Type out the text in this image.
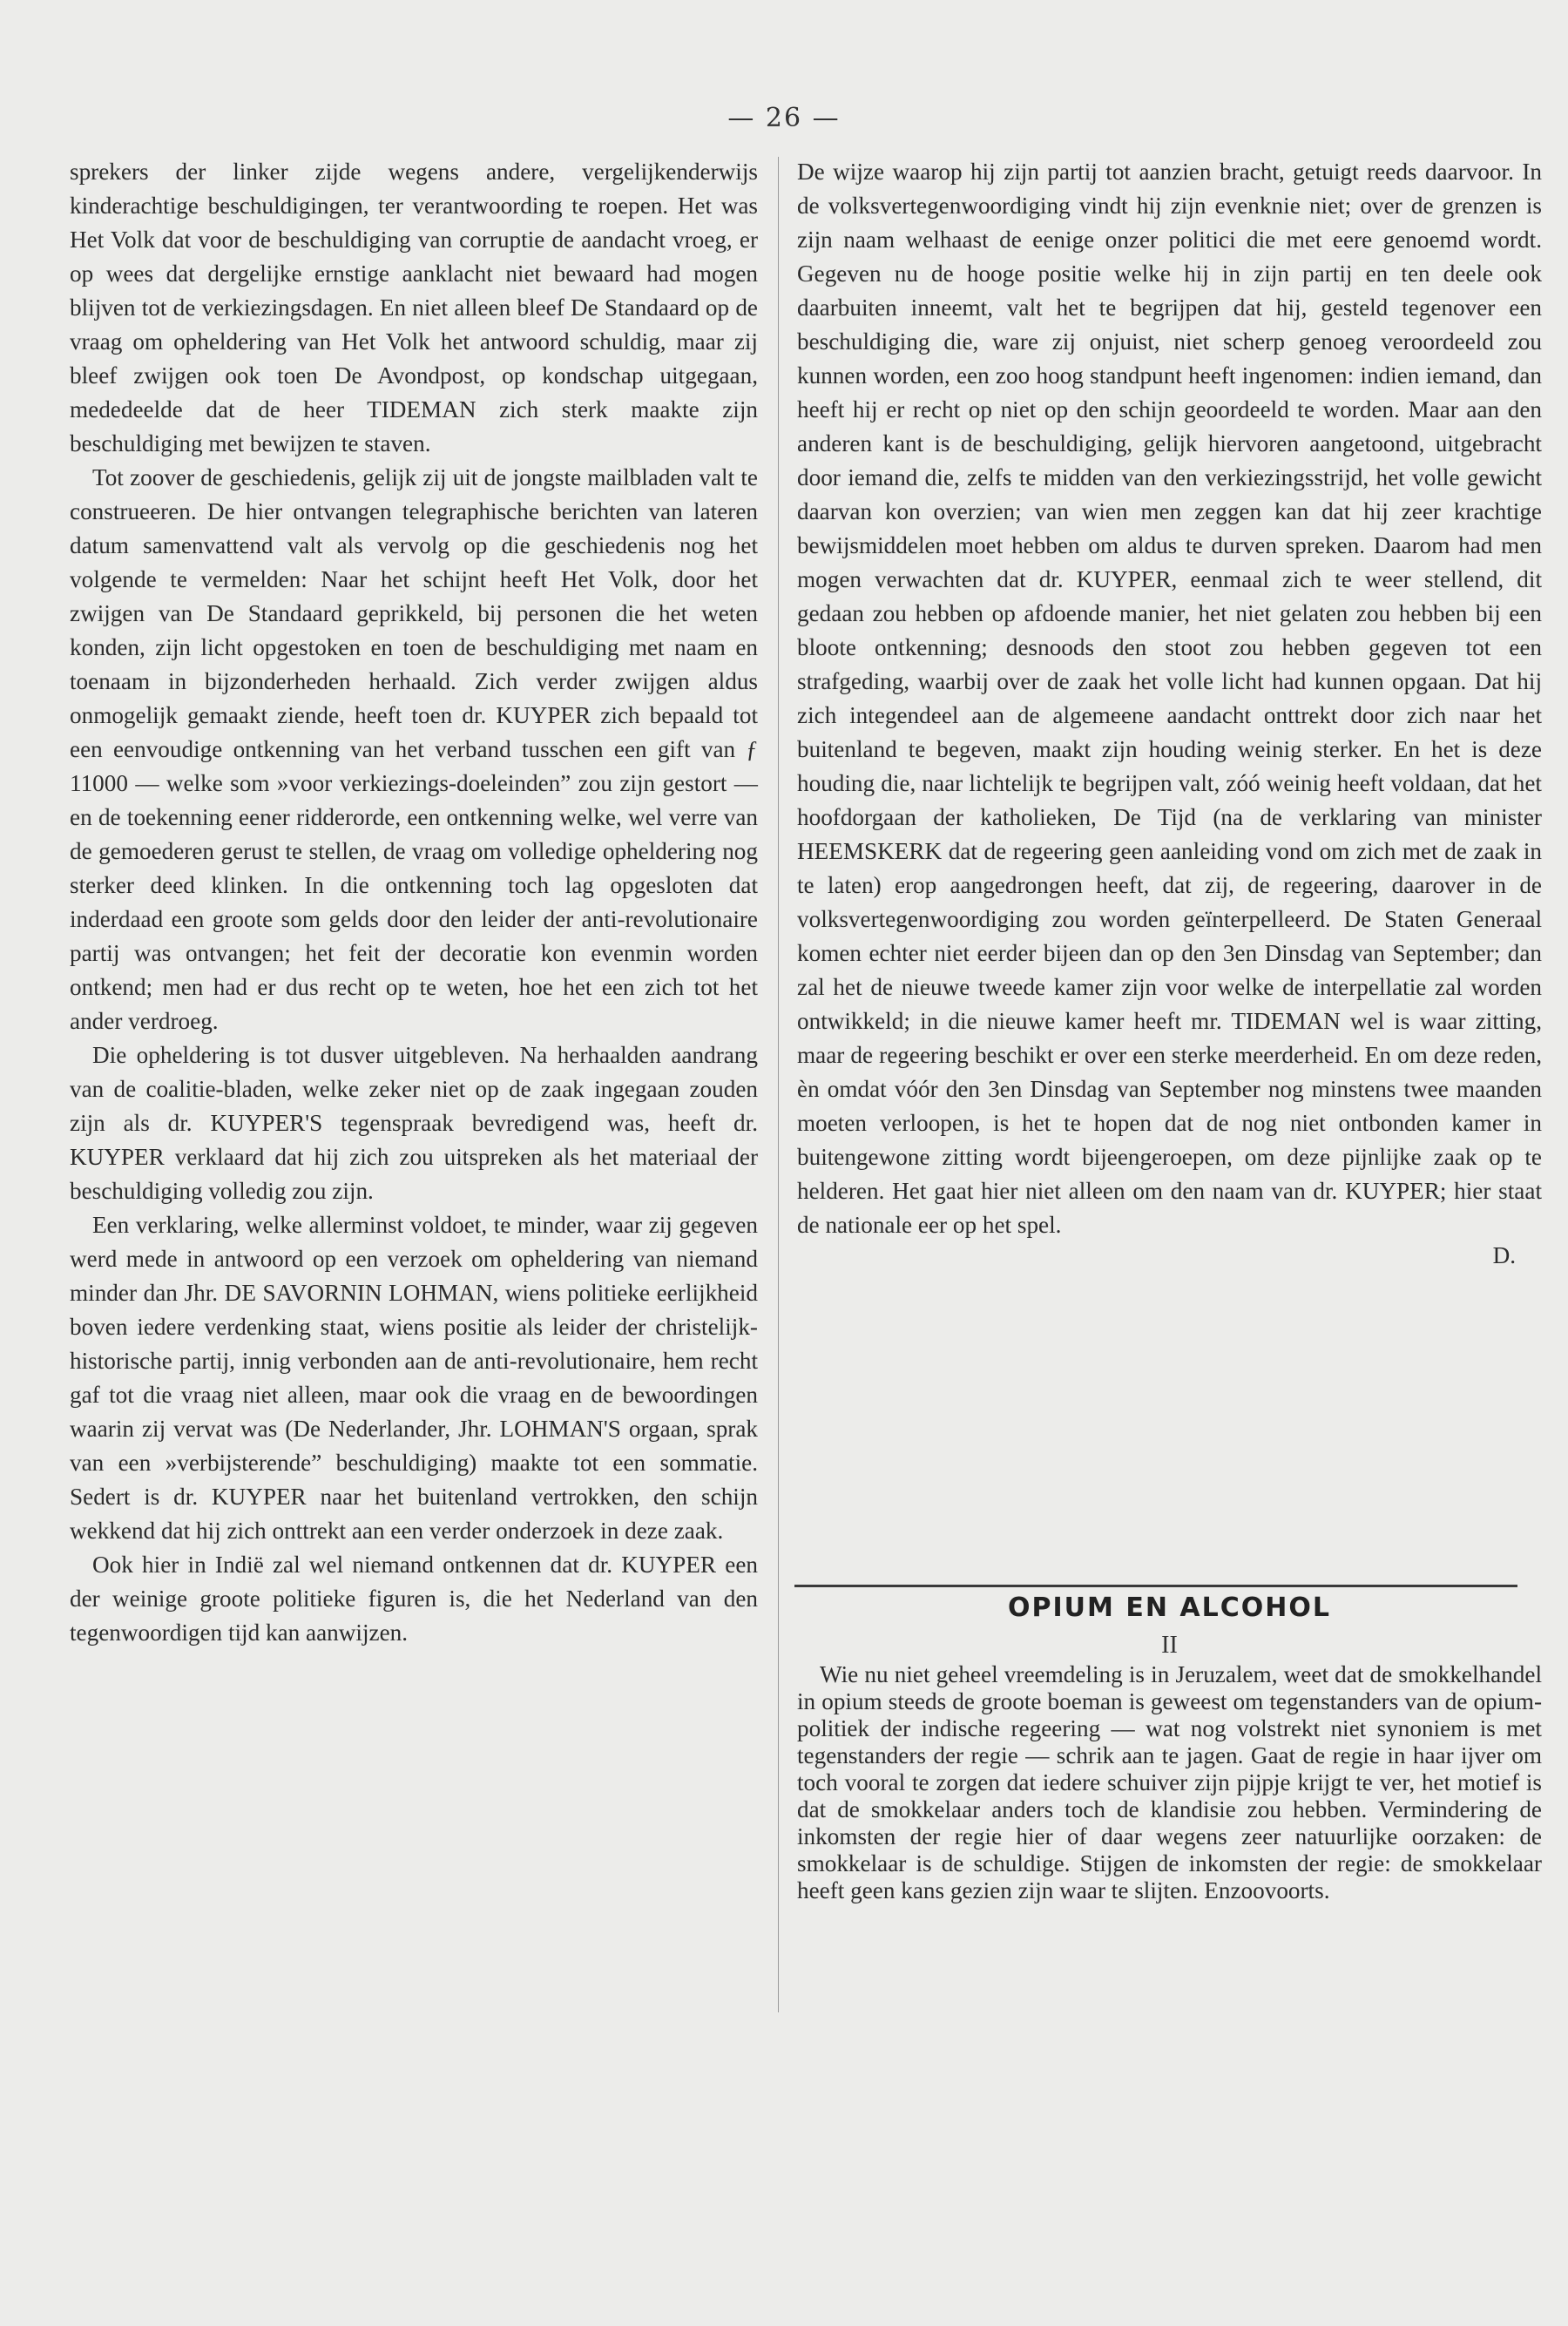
— 26 —

sprekers der linker zijde wegens andere, vergelijkenderwijs kinderachtige beschuldigingen, ter verantwoording te roepen. Het was Het Volk dat voor de beschuldiging van corruptie de aandacht vroeg, er op wees dat dergelijke ernstige aanklacht niet bewaard had mogen blijven tot de verkiezingsdagen. En niet alleen bleef De Standaard op de vraag om opheldering van Het Volk het antwoord schuldig, maar zij bleef zwijgen ook toen De Avondpost, op kondschap uitgegaan, mededeelde dat de heer TIDEMAN zich sterk maakte zijn beschuldiging met bewijzen te staven.

Tot zoover de geschiedenis, gelijk zij uit de jongste mailbladen valt te construeeren. De hier ontvangen telegraphische berichten van lateren datum samenvattend valt als vervolg op die geschiedenis nog het volgende te vermelden: Naar het schijnt heeft Het Volk, door het zwijgen van De Standaard geprikkeld, bij personen die het weten konden, zijn licht opgestoken en toen de beschuldiging met naam en toenaam in bijzonderheden herhaald. Zich verder zwijgen aldus onmogelijk gemaakt ziende, heeft toen dr. KUYPER zich bepaald tot een eenvoudige ontkenning van het verband tusschen een gift van ƒ 11000 — welke som »voor verkiezings-doeleinden” zou zijn gestort — en de toekenning eener ridderorde, een ontkenning welke, wel verre van de gemoederen gerust te stellen, de vraag om volledige opheldering nog sterker deed klinken. In die ontkenning toch lag opgesloten dat inderdaad een groote som gelds door den leider der anti-revolutionaire partij was ontvangen; het feit der decoratie kon evenmin worden ontkend; men had er dus recht op te weten, hoe het een zich tot het ander verdroeg.

Die opheldering is tot dusver uitgebleven. Na herhaalden aandrang van de coalitie-bladen, welke zeker niet op de zaak ingegaan zouden zijn als dr. KUYPER'S tegenspraak bevredigend was, heeft dr. KUYPER verklaard dat hij zich zou uitspreken als het materiaal der beschuldiging volledig zou zijn.

Een verklaring, welke allerminst voldoet, te minder, waar zij gegeven werd mede in antwoord op een verzoek om opheldering van niemand minder dan Jhr. DE SAVORNIN LOHMAN, wiens politieke eerlijkheid boven iedere verdenking staat, wiens positie als leider der christelijk-historische partij, innig verbonden aan de anti-revolutionaire, hem recht gaf tot die vraag niet alleen, maar ook die vraag en de bewoordingen waarin zij vervat was (De Nederlander, Jhr. LOHMAN'S orgaan, sprak van een »verbijsterende” beschuldiging) maakte tot een sommatie. Sedert is dr. KUYPER naar het buitenland vertrokken, den schijn wekkend dat hij zich onttrekt aan een verder onderzoek in deze zaak.

Ook hier in Indië zal wel niemand ontkennen dat dr. KUYPER een der weinige groote politieke figuren is, die het Nederland van den tegenwoordigen tijd kan aanwijzen.

De wijze waarop hij zijn partij tot aanzien bracht, getuigt reeds daarvoor. In de volksvertegenwoordiging vindt hij zijn evenknie niet; over de grenzen is zijn naam welhaast de eenige onzer politici die met eere genoemd wordt. Gegeven nu de hooge positie welke hij in zijn partij en ten deele ook daarbuiten inneemt, valt het te begrijpen dat hij, gesteld tegenover een beschuldiging die, ware zij onjuist, niet scherp genoeg veroordeeld zou kunnen worden, een zoo hoog standpunt heeft ingenomen: indien iemand, dan heeft hij er recht op niet op den schijn geoordeeld te worden. Maar aan den anderen kant is de beschuldiging, gelijk hiervoren aangetoond, uitgebracht door iemand die, zelfs te midden van den verkiezingsstrijd, het volle gewicht daarvan kon overzien; van wien men zeggen kan dat hij zeer krachtige bewijsmiddelen moet hebben om aldus te durven spreken. Daarom had men mogen verwachten dat dr. KUYPER, eenmaal zich te weer stellend, dit gedaan zou hebben op afdoende manier, het niet gelaten zou hebben bij een bloote ontkenning; desnoods den stoot zou hebben gegeven tot een strafgeding, waarbij over de zaak het volle licht had kunnen opgaan. Dat hij zich integendeel aan de algemeene aandacht onttrekt door zich naar het buitenland te begeven, maakt zijn houding weinig sterker. En het is deze houding die, naar lichtelijk te begrijpen valt, zóó weinig heeft voldaan, dat het hoofdorgaan der katholieken, De Tijd (na de verklaring van minister HEEMSKERK dat de regeering geen aanleiding vond om zich met de zaak in te laten) erop aangedrongen heeft, dat zij, de regeering, daarover in de volksvertegenwoordiging zou worden geïnterpelleerd. De Staten Generaal komen echter niet eerder bijeen dan op den 3en Dinsdag van September; dan zal het de nieuwe tweede kamer zijn voor welke de interpellatie zal worden ontwikkeld; in die nieuwe kamer heeft mr. TIDEMAN wel is waar zitting, maar de regeering beschikt er over een sterke meerderheid. En om deze reden, èn omdat vóór den 3en Dinsdag van September nog minstens twee maanden moeten verloopen, is het te hopen dat de nog niet ontbonden kamer in buitengewone zitting wordt bijeengeroepen, om deze pijnlijke zaak op te helderen. Het gaat hier niet alleen om den naam van dr. KUYPER; hier staat de nationale eer op het spel.

D.
OPIUM EN ALCOHOL
II

Wie nu niet geheel vreemdeling is in Jeruzalem, weet dat de smokkelhandel in opium steeds de groote boeman is geweest om tegenstanders van de opium-politiek der indische regeering — wat nog volstrekt niet synoniem is met tegenstanders der regie — schrik aan te jagen. Gaat de regie in haar ijver om toch vooral te zorgen dat iedere schuiver zijn pijpje krijgt te ver, het motief is dat de smokkelaar anders toch de klandisie zou hebben. Vermindering de inkomsten der regie hier of daar wegens zeer natuurlijke oorzaken: de smokkelaar is de schuldige. Stijgen de inkomsten der regie: de smokkelaar heeft geen kans gezien zijn waar te slijten. Enzoovoorts.
